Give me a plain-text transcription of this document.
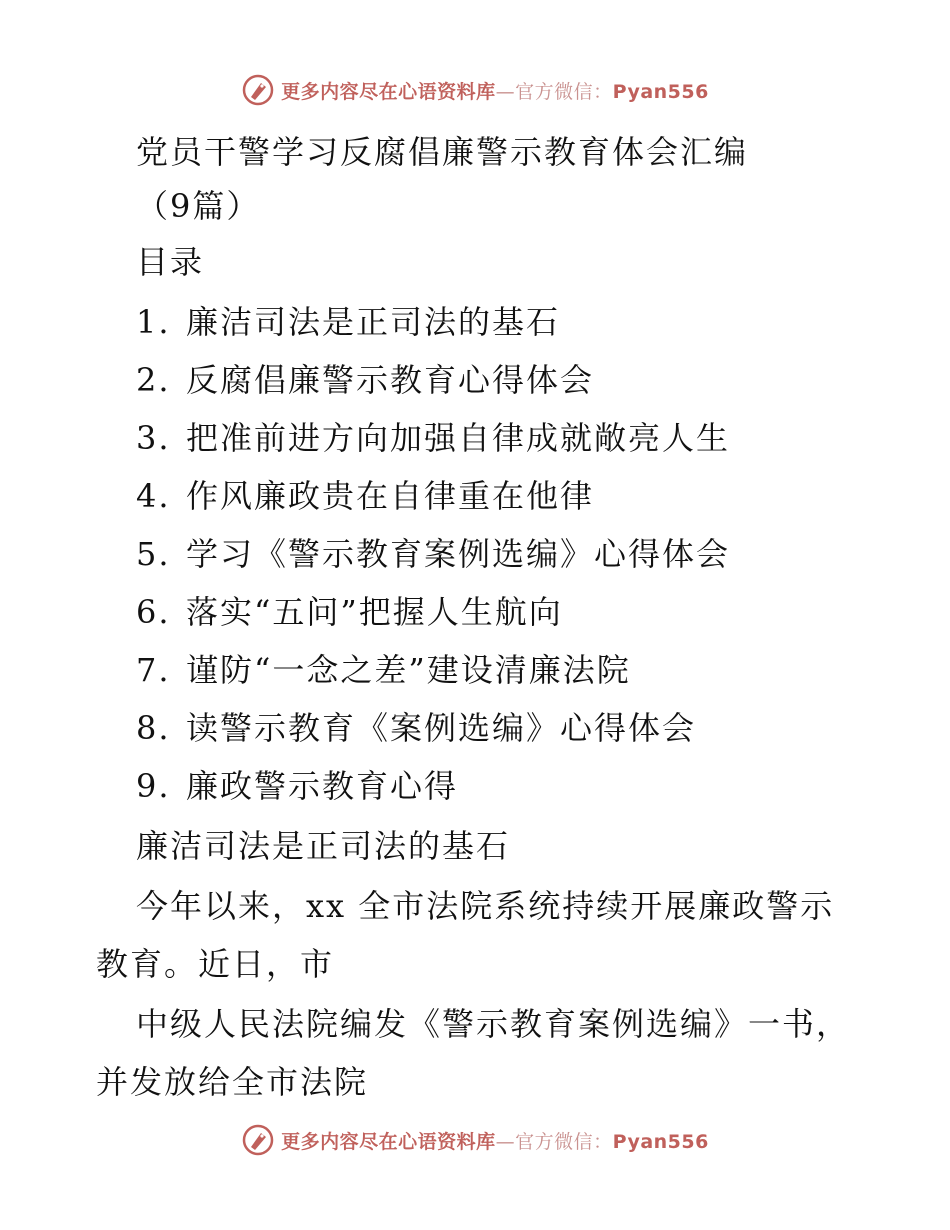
更多内容尽在心语资料库—官方微信：Pyan556
党员干警学习反腐倡廉警示教育体会汇编
（9篇）
目录
1. 廉洁司法是正司法的基石
2. 反腐倡廉警示教育心得体会
3. 把准前进方向加强自律成就敞亮人生
4. 作风廉政贵在自律重在他律
5. 学习《警示教育案例选编》心得体会
6. 落实“五问”把握人生航向
7. 谨防“一念之差”建设清廉法院
8. 读警示教育《案例选编》心得体会
9. 廉政警示教育心得
廉洁司法是正司法的基石
今年以来，xx 全市法院系统持续开展廉政警示
教育。近日，市
中级人民法院编发《警示教育案例选编》一书，
并发放给全市法院
更多内容尽在心语资料库—官方微信：Pyan556
